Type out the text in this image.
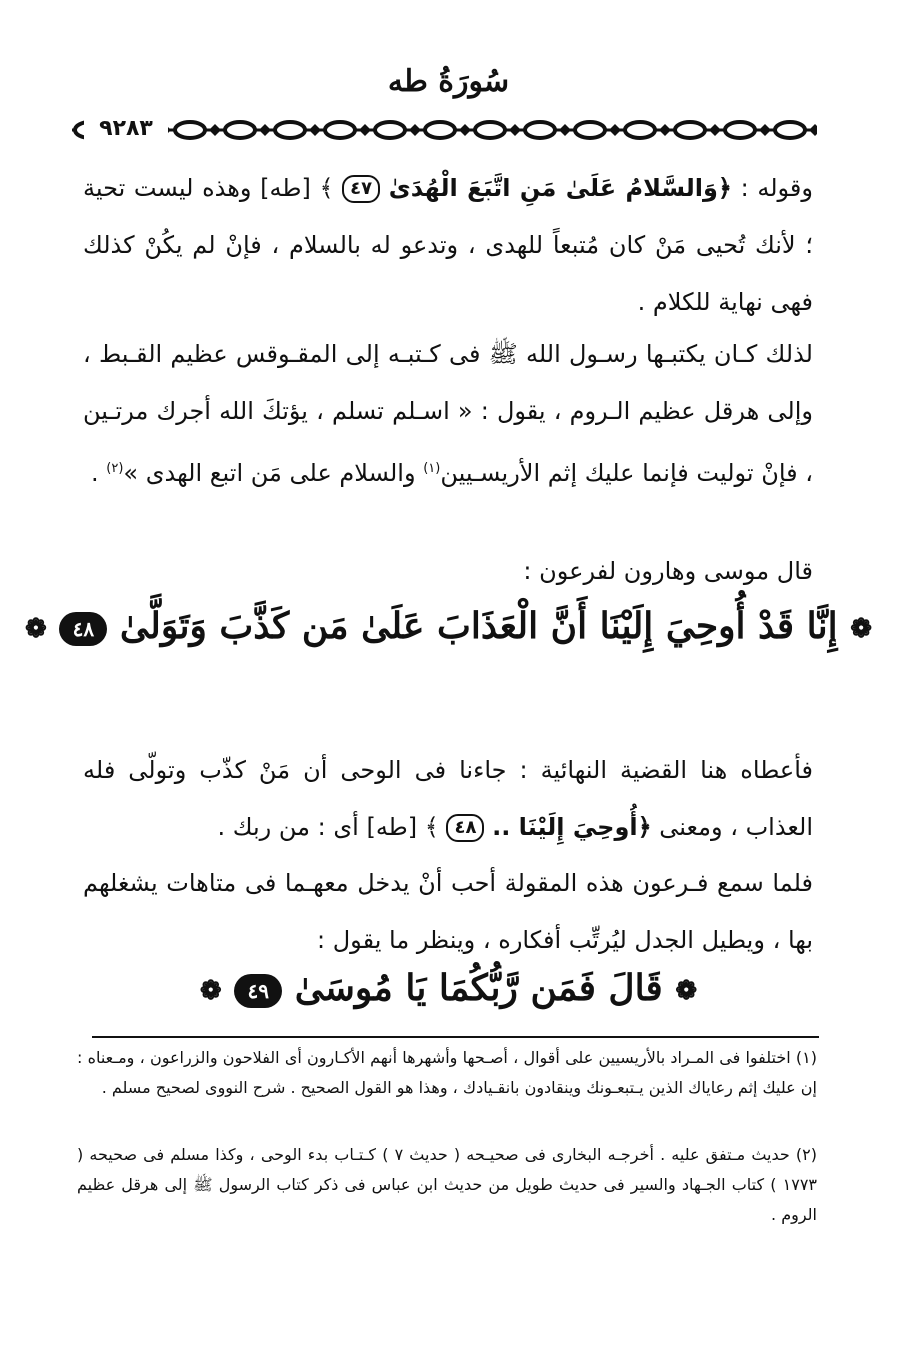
سُورَةُ طه
٩٢٨٣

وقوله : ﴿وَالسَّلامُ عَلَىٰ مَنِ اتَّبَعَ الْهُدَىٰ ٤٧ ﴾ [طه] وهذه ليست تحية ؛ لأنك تُحيى مَنْ كان مُتبعاً للهدى ، وتدعو له بالسلام ، فإنْ لم يكُنْ كذلك فهى نهاية للكلام .

لذلك كـان يكتبـها رسـول الله ﷺ فى كـتبـه إلى المقـوقس عظيم القـبط ، وإلى هرقل عظيم الـروم ، يقول : « اسـلم تسلم ، يؤتكَ الله أجرك مرتـين ، فإنْ توليت فإنما عليك إثم الأريسـيين$^{(١)}$ والسلام على مَن اتبع الهدى »$^{(٢)}$ .

قال موسى وهارون لفرعون :

❁ إِنَّا قَدْ أُوحِيَ إِلَيْنَا أَنَّ الْعَذَابَ عَلَىٰ مَن كَذَّبَ وَتَوَلَّىٰ ٤٨ ❁

فأعطاه هنا القضية النهائية : جاءنا فى الوحى أن مَنْ كذّب وتولّى فله العذاب ، ومعنى ﴿أُوحِيَ إِلَيْنَا .. ٤٨ ﴾ [طه] أى : من ربك .

فلما سمع فـرعون هذه المقولة أحب أنْ يدخل معهـما فى متاهات يشغلهم بها ، ويطيل الجدل ليُرتِّب أفكاره ، وينظر ما يقول :

❁ قَالَ فَمَن رَّبُّكُمَا يَا مُوسَىٰ ٤٩ ❁

(١) اختلفوا فى المـراد بالأريسيين على أقوال ، أصـحها وأشهرها أنهم الأكـارون أى الفلاحون والزراعون ، ومـعناه : إن عليك إثم رعاياك الذين يـتبعـونك وينقادون بانقـيادك ، وهذا هو القول الصحيح . شرح النووى لصحيح مسلم .

(٢) حديث مـتفق عليه . أخرجـه البخارى فى صحيـحه ( حديث ٧ ) كـتـاب بدء الوحى ، وكذا مسلم فى صحيحه ( ١٧٧٣ ) كتاب الجـهاد والسير فى حديث طويل من حديث ابن عباس فى ذكر كتاب الرسول ﷺ إلى هرقل عظيم الروم .
